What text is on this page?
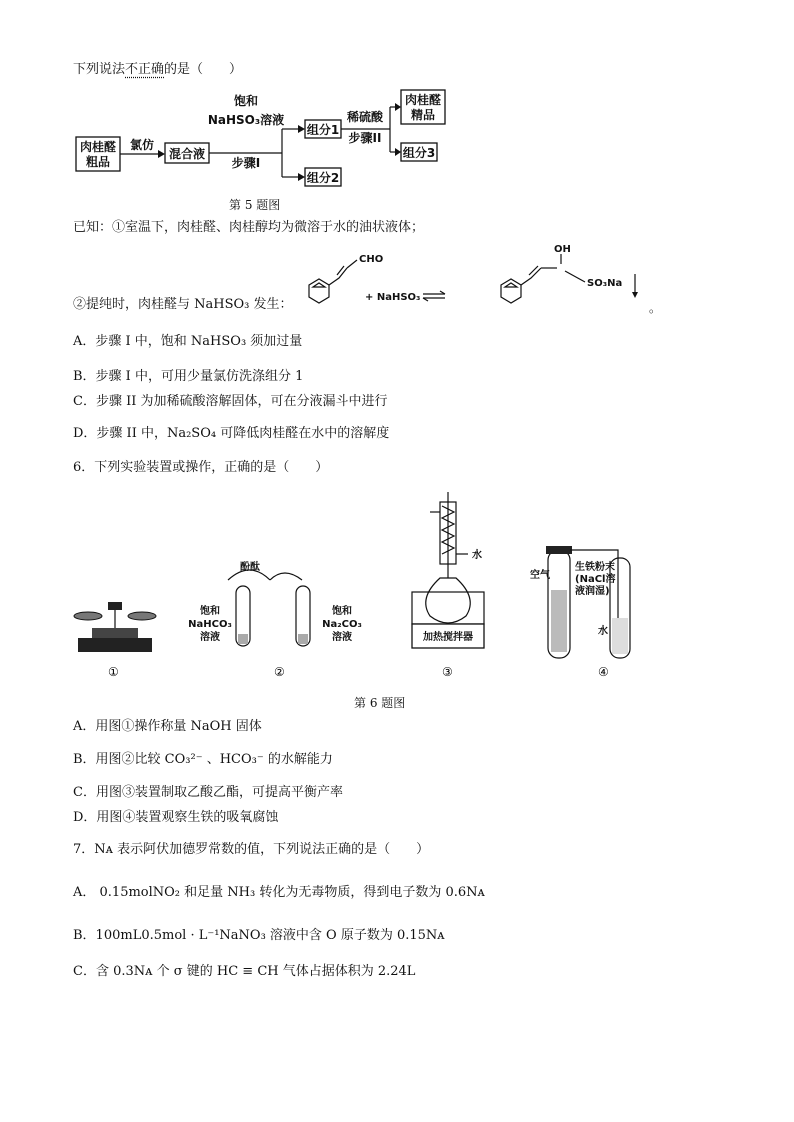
下列说法不正确的是（　　）
肉桂醛
粗品
氯仿
混合液
饱和
NaHSO₃溶液
步骤I
组分1
组分2
稀硫酸
步骤II
肉桂醛
精品
组分3
第 5 题图
已知：①室温下，肉桂醛、肉桂醇均为微溶于水的油状液体；
②提纯时，肉桂醛与 NaHSO₃ 发生：
CHO
+ NaHSO₃
OH
SO₃Na
。
A．步骤 I 中，饱和 NaHSO₃ 须加过量
B．步骤 I 中，可用少量氯仿洗涤组分 1
C．步骤 II 为加稀硫酸溶解固体，可在分液漏斗中进行
D．步骤 II 中，Na₂SO₄ 可降低肉桂醛在水中的溶解度
6．下列实验装置或操作，正确的是（　　）
①
酚酞
饱和
NaHCO₃
溶液
饱和
Na₂CO₃
溶液
②
水
加热搅拌器
③
空气
生铁粉末
(NaCl溶
液润湿)
水
④
第 6 题图
A．用图①操作称量 NaOH 固体
B．用图②比较 CO₃²⁻ 、HCO₃⁻ 的水解能力
C．用图③装置制取乙酸乙酯，可提高平衡产率
D．用图④装置观察生铁的吸氧腐蚀
7．Nᴀ 表示阿伏加德罗常数的值，下列说法正确的是（　　）
A． 0.15molNO₂ 和足量 NH₃ 转化为无毒物质，得到电子数为 0.6Nᴀ
B．100mL0.5mol · L⁻¹NaNO₃ 溶液中含 O 原子数为 0.15Nᴀ
C．含 0.3Nᴀ 个 σ 键的 HC ≡ CH 气体占据体积为 2.24L
